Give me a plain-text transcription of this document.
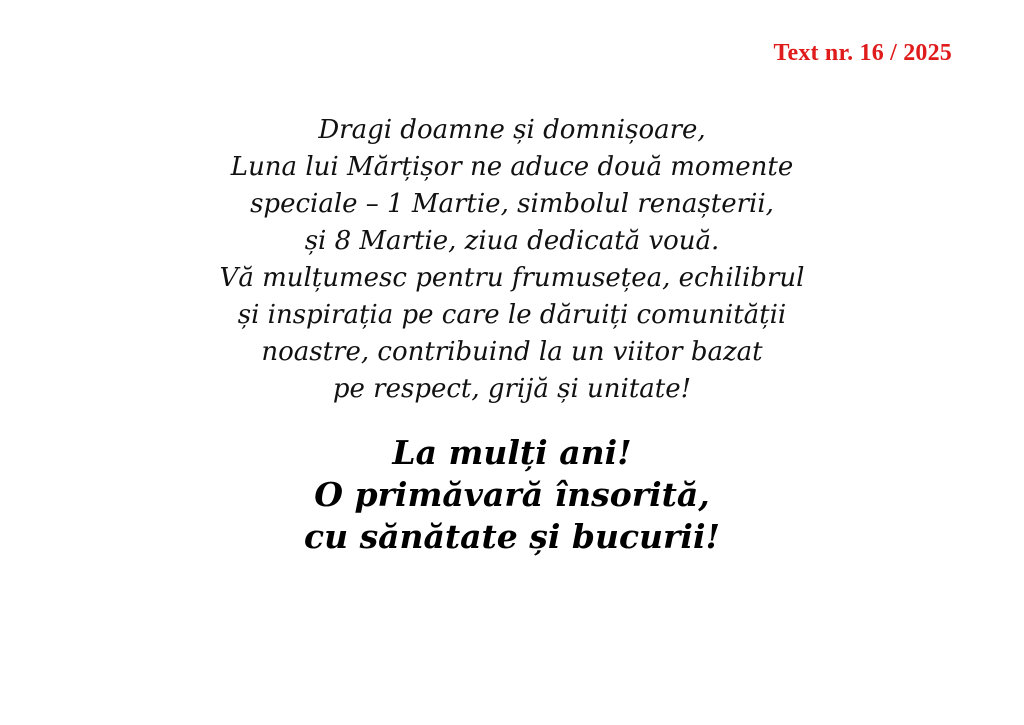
Text nr. 16 / 2025
Dragi doamne și domnișoare,
Luna lui Mărțișor ne aduce două momente
speciale – 1 Martie, simbolul renașterii,
și 8 Martie, ziua dedicată vouă.
Vă mulțumesc pentru frumusețea, echilibrul
și inspirația pe care le dăruiți comunității
noastre, contribuind la un viitor bazat
pe respect, grijă și unitate!
La mulți ani!
O primăvară însorită,
cu sănătate și bucurii!
